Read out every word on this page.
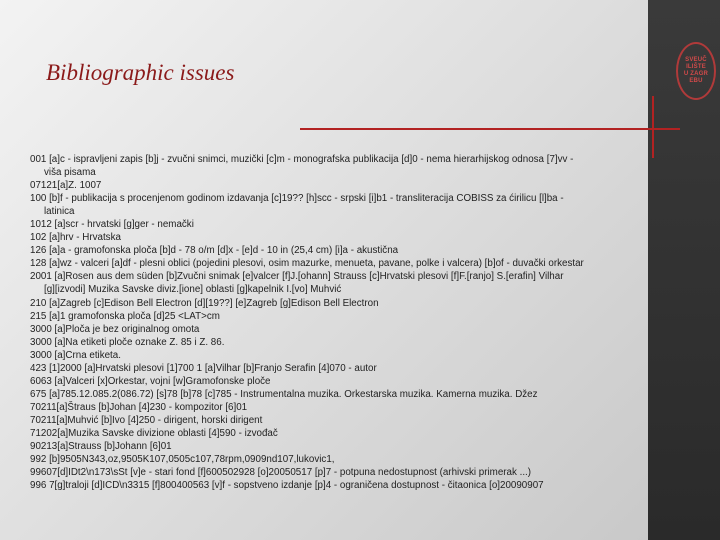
SVEUČ
ILIŠTE
U ZAGR
EBU
Bibliographic issues
001 [a]c - ispravljeni zapis [b]j - zvučni snimci, muzički [c]m - monografska publikacija [d]0 - nema hierarhijskog odnosa [7]vv -
viša pisama
07121[a]Z. 1007
100 [b]f - publikacija s procenjenom godinom izdavanja [c]19?? [h]scc - srpski [i]b1 - transliteracija COBISS za ćirilicu [l]ba -
latinica
1012 [a]scr - hrvatski [g]ger - nemački
102 [a]hrv - Hrvatska
126 [a]a - gramofonska ploča [b]d - 78 o/m [d]x - [e]d - 10 in (25,4 cm) [i]a - akustična
128 [a]wz - valceri [a]df - plesni oblici (pojedini plesovi, osim mazurke, menueta, pavane, polke i valcera) [b]of - duvački orkestar
2001 [a]Rosen aus dem süden [b]Zvučni snimak [e]valcer [f]J.[ohann] Strauss [c]Hrvatski plesovi [f]F.[ranjo] S.[erafin] Vilhar
[g][izvodi] Muzika Savske diviz.[ione] oblasti [g]kapelnik I.[vo] Muhvić
210 [a]Zagreb [c]Edison Bell Electron [d][19??] [e]Zagreb [g]Edison Bell Electron
215 [a]1 gramofonska ploča [d]25 <LAT>cm
3000 [a]Ploča je bez originalnog omota
3000 [a]Na etiketi ploče oznake Z. 85 i Z. 86.
3000 [a]Crna etiketa.
423 [1]2000 [a]Hrvatski plesovi [1]700 1 [a]Vilhar [b]Franjo Serafin [4]070 - autor
6063 [a]Valceri [x]Orkestar, vojni [w]Gramofonske ploče
675 [a]785.12.085.2(086.72) [s]78 [b]78 [c]785 - Instrumentalna muzika. Orkestarska muzika. Kamerna muzika. Džez
70211[a]Štraus [b]Johan [4]230 - kompozitor [6]01
70211[a]Muhvić [b]Ivo [4]250 - dirigent, horski dirigent
71202[a]Muzika Savske divizione oblasti [4]590 - izvođač
90213[a]Strauss [b]Johann [6]01
992 [b]9505N343,oz,9505K107,0505c107,78rpm,0909nd107,lukovic1,
99607[d]IDt2\n173\sSt [v]e - stari fond [f]600502928 [o]20050517 [p]7 - potpuna nedostupnost (arhivski primerak ...)
996 7[g]traloji [d]ICD\n3315 [f]800400563 [v]f - sopstveno izdanje [p]4 - ograničena dostupnost - čitaonica [o]20090907
